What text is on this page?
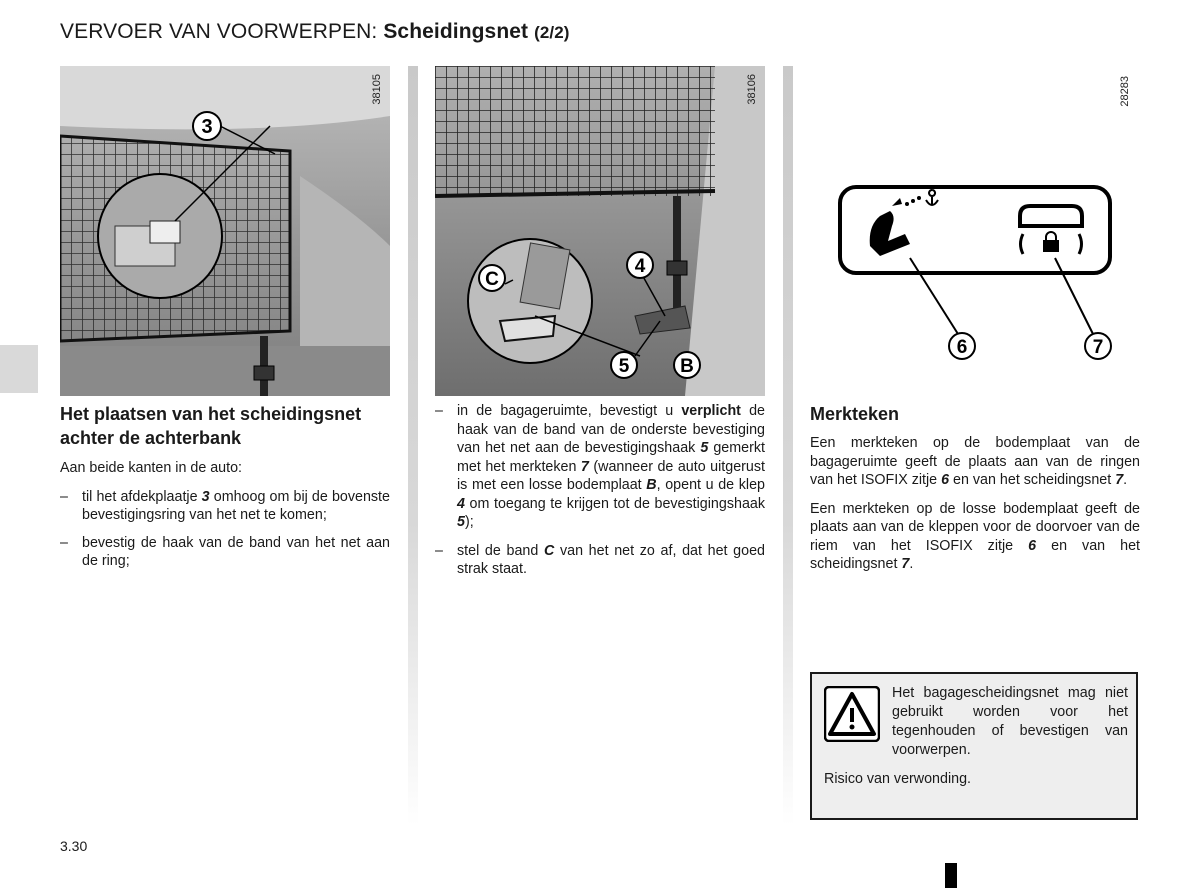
VERVOER VAN VOORWERPEN: Scheidingsnet (2/2)
3
38105
C
4
5	B
38106	28283
6	7

Het plaatsen van het scheidingsnet achter de achterbank

Aan beide kanten in de auto:

– til het afdekplaatje 3 omhoog om bij de bovenste bevestigingsring van het net te komen;
– bevestig de haak van de band van het net aan de ring;
– in de bagageruimte, bevestigt u verplicht de haak van de band van de onderste bevestiging van het net aan de bevestigingshaak 5 gemerkt met het merkteken 7 (wanneer de auto uitgerust is met een losse bodemplaat B, opent u de klep 4 om toegang te krijgen tot de bevestigingshaak 5);
– stel de band C van het net zo af, dat het goed strak staat.

Merkteken

Een merkteken op de bodemplaat van de bagageruimte geeft de plaats aan van de ringen van het ISOFIX zitje 6 en van het scheidingsnet 7.

Een merkteken op de losse bodemplaat geeft de plaats aan van de kleppen voor de doorvoer van de riem van het ISOFIX zitje 6 en van het scheidingsnet 7.

Het bagagescheidingsnet mag niet gebruikt worden voor het tegenhouden of bevestigen van voorwerpen.
Risico van verwonding.
3.30
